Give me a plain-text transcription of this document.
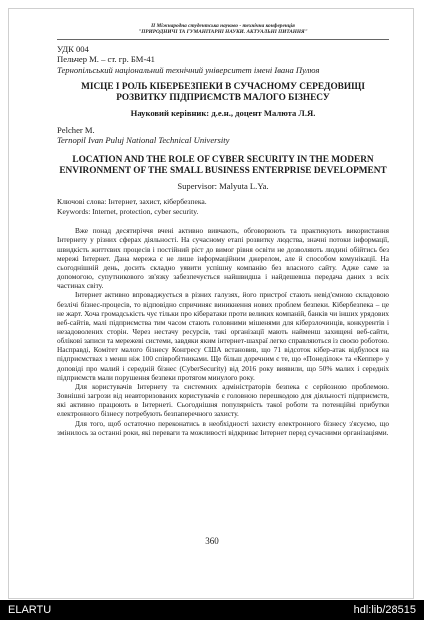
II Міжнародна студентська науково - технічна конференція
"ПРИРОДНИЧІ ТА ГУМАНІТАРНІ НАУКИ. АКТУАЛЬНІ ПИТАННЯ"

УДК 004

Пельчер М. – ст. гр. БМ-41

Тернопільський національний технічний університет імені Івана Пулюя

МІСЦЕ І РОЛЬ КІБЕРБЕЗПЕКИ В СУЧАСНОМУ СЕРЕДОВИЩІ РОЗВИТКУ ПІДПРИЄМСТВ МАЛОГО БІЗНЕСУ

Науковий керівник: д.е.н., доцент Малюта Л.Я.

Pelcher M.

Ternopil Ivan Puluj National Technical University

LOCATION AND THE ROLE OF CYBER SECURITY IN THE MODERN ENVIRONMENT OF THE SMALL BUSINESS ENTERPRISE DEVELOPMENT

Supervisor: Malyuta L.Ya.

Ключові слова: Інтернет, захист, кібербезпека.

Keywords: Internet, protection, cyber security.

Вже понад десятиріччя вчені активно вивчають, обговорюють та практикують використання Інтернету у різних сферах діяльності. На сучасному етапі розвитку людства, значні потоки інформації, швидкість життєвих процесів і постійний ріст до вимог рівня освіти не дозволяють людині обійтись без мережі Інтернет. Дана мережа є не лише інформаційним джерелом, але й способом комунікації. На сьогоднішній день, досить складно уявити успішну компанію без власного сайту. Адже саме за допомогою, супутникового зв'язку забезпечується найшвидша і найдешевша передача даних з всіх частинах світу.

Інтернет активно впроваджується в різних галузях, його пристрої стають невід'ємною складовою безлічі бізнес-процесів, то відповідно спричиняє виникнення нових проблем безпеки. Кібербезпека – це не жарт. Хоча громадськість чує тільки про кібератаки проти великих компаній, банків чи інших урядових веб-сайтів, малі підприємства тим часом стають головними мішенями для кіберзлочинців, конкурентів і незадоволених сторін. Через нестачу ресурсів, такі організації мають найменш захищені веб-сайти, облікові записи та мережеві системи, завдяки яким інтернет-шахраї легко справляються із своєю роботою. Насправді, Комітет малого бізнесу Конгресу США встановив, що 71 відсоток кібер-атак відбулося на підприємствах з менш ніж 100 співробітниками. Ще більш доречним є те, що «Понеділок» та «Кеппер» у доповіді про малий і середній бізнес (CyberSecurity) від 2016 року виявили, що 50% малих і середніх підприємств мали порушення безпеки протягом минулого року.

Для користувачів Інтернету та системних адміністраторів безпека є серйозною проблемою. Зовнішні загрози від неавторизованих користувачів є головною перешкодою для діяльності підприємств, які активно працюють в Інтернеті. Сьогоднішня популярність такої роботи та потенційні прибутки електронного бізнесу потребують безпаперечного захисту.

Для того, щоб остаточно переконатись в необхідності захисту електронного бізнесу з'ясуємо, що змінилось за останні роки, які переваги та можливості відкриває Інтернет перед сучасними організаціями.

360
ELARTU	hdl:lib/28515
